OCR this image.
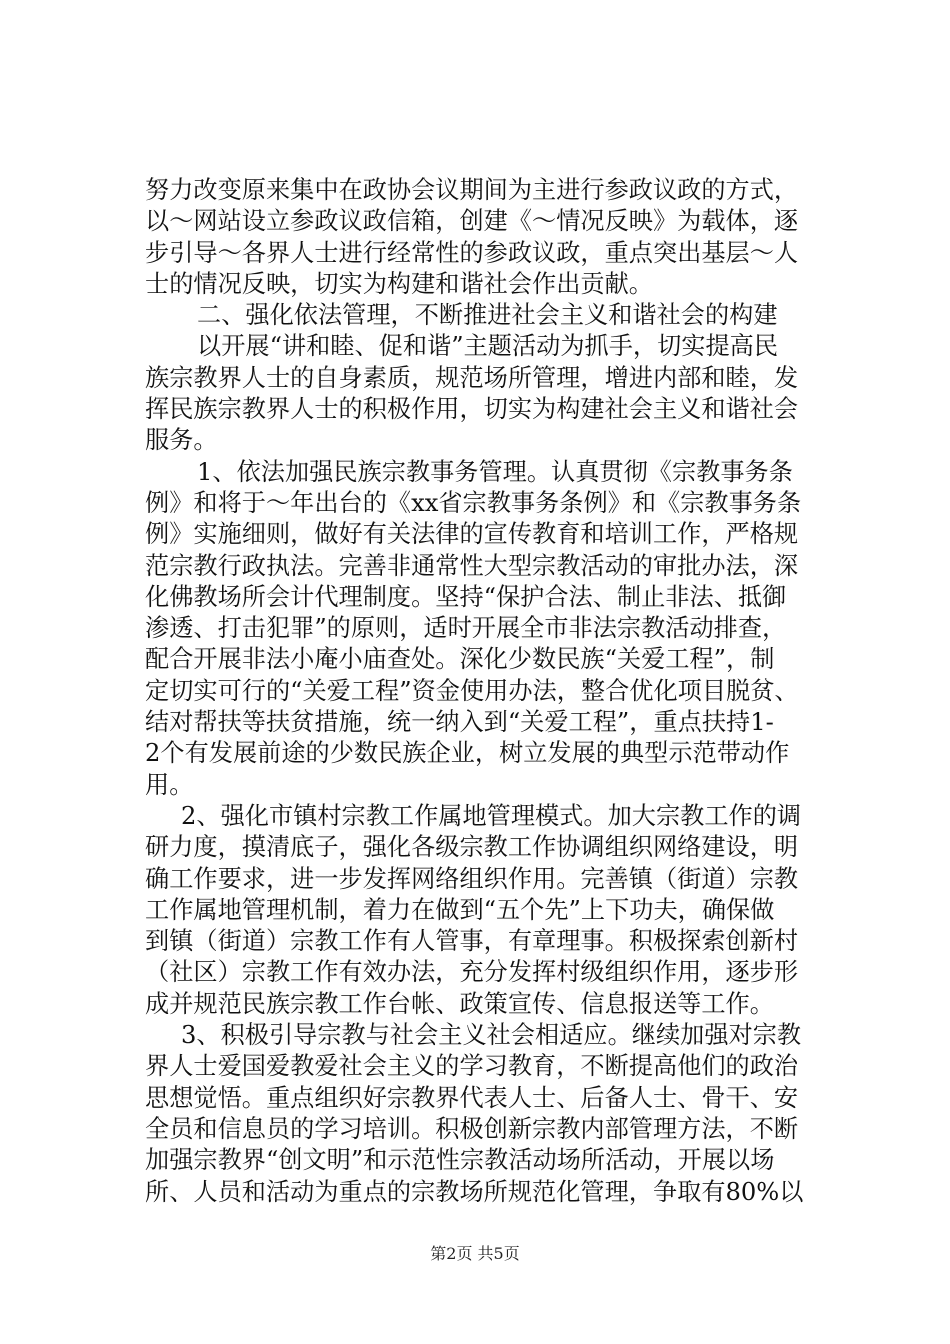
努力改变原来集中在政协会议期间为主进行参政议政的方式，
以～网站设立参政议政信箱，创建《～情况反映》为载体，逐
步引导～各界人士进行经常性的参政议政，重点突出基层～人
士的情况反映，切实为构建和谐社会作出贡献。
二、强化依法管理，不断推进社会主义和谐社会的构建
以开展“讲和睦、促和谐”主题活动为抓手，切实提高民
族宗教界人士的自身素质，规范场所管理，增进内部和睦，发
挥民族宗教界人士的积极作用，切实为构建社会主义和谐社会
服务。
1、依法加强民族宗教事务管理。认真贯彻《宗教事务条
例》和将于～年出台的《xx省宗教事务条例》和《宗教事务条
例》实施细则，做好有关法律的宣传教育和培训工作，严格规
范宗教行政执法。完善非通常性大型宗教活动的审批办法，深
化佛教场所会计代理制度。坚持“保护合法、制止非法、抵御
渗透、打击犯罪”的原则，适时开展全市非法宗教活动排查，
配合开展非法小庵小庙查处。深化少数民族“关爱工程”，制
定切实可行的“关爱工程”资金使用办法，整合优化项目脱贫、
结对帮扶等扶贫措施，统一纳入到“关爱工程”，重点扶持1-
2个有发展前途的少数民族企业，树立发展的典型示范带动作
用。
2、强化市镇村宗教工作属地管理模式。加大宗教工作的调
研力度，摸清底子，强化各级宗教工作协调组织网络建设，明
确工作要求，进一步发挥网络组织作用。完善镇（街道）宗教
工作属地管理机制，着力在做到“五个先”上下功夫，确保做
到镇（街道）宗教工作有人管事，有章理事。积极探索创新村
（社区）宗教工作有效办法，充分发挥村级组织作用，逐步形
成并规范民族宗教工作台帐、政策宣传、信息报送等工作。
3、积极引导宗教与社会主义社会相适应。继续加强对宗教
界人士爱国爱教爱社会主义的学习教育，不断提高他们的政治
思想觉悟。重点组织好宗教界代表人士、后备人士、骨干、安
全员和信息员的学习培训。积极创新宗教内部管理方法，不断
加强宗教界“创文明”和示范性宗教活动场所活动，开展以场
所、人员和活动为重点的宗教场所规范化管理，争取有80%以
第2页 共5页
